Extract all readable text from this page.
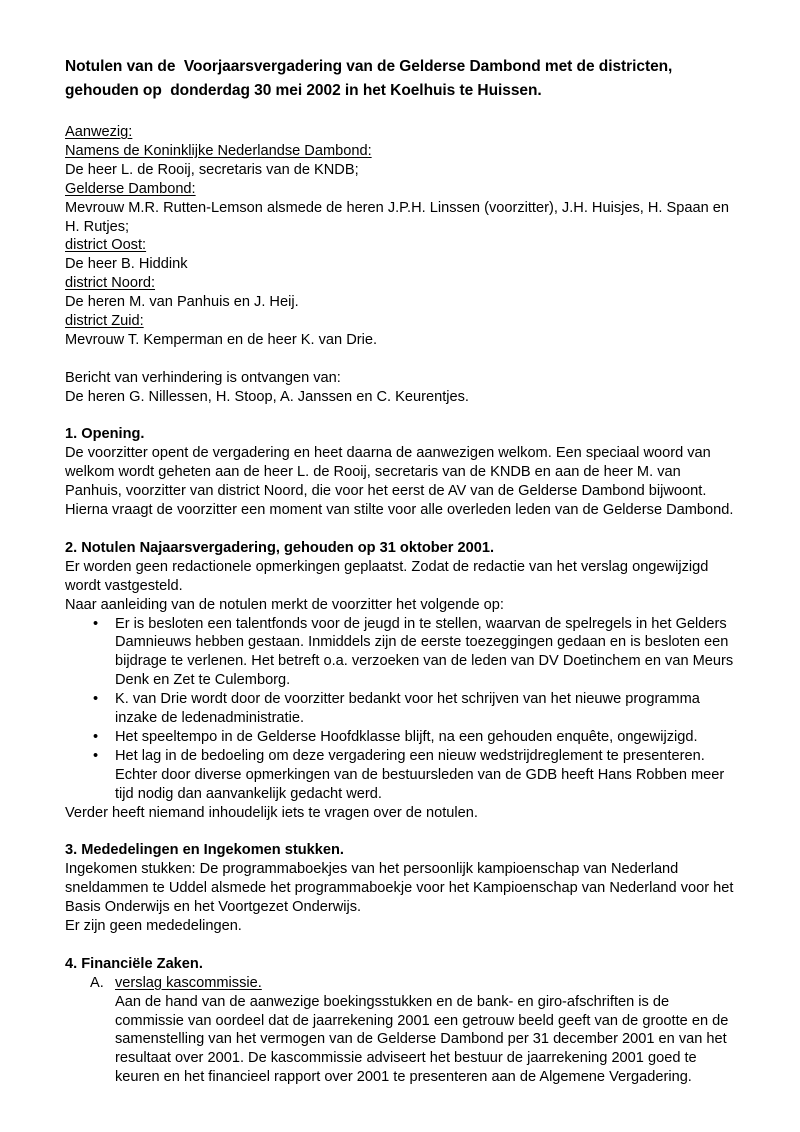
Notulen van de  Voorjaarsvergadering van de Gelderse Dambond met de districten, gehouden op  donderdag 30 mei 2002 in het Koelhuis te Huissen.

Aanwezig:

Namens de Koninklijke Nederlandse Dambond:

De heer L. de Rooij, secretaris van de KNDB;

Gelderse Dambond:

Mevrouw M.R. Rutten-Lemson alsmede de heren J.P.H. Linssen (voorzitter), J.H. Huisjes, H. Spaan en H. Rutjes;

district Oost:

De heer B. Hiddink

district Noord:

De heren M. van Panhuis en J. Heij.

district Zuid:

Mevrouw T. Kemperman en de heer K. van Drie.

Bericht van verhindering is ontvangen van:

De heren G. Nillessen, H. Stoop, A. Janssen en C. Keurentjes.

1. Opening.

De voorzitter opent de vergadering en heet daarna de aanwezigen welkom. Een speciaal woord van welkom wordt geheten aan de heer L. de Rooij, secretaris van de KNDB en aan de heer M. van Panhuis, voorzitter van district Noord, die voor het eerst de AV van de Gelderse Dambond bijwoont.

Hierna vraagt de voorzitter een moment van stilte voor alle overleden leden van de Gelderse Dambond.

2. Notulen Najaarsvergadering, gehouden op 31 oktober 2001.

Er worden geen redactionele opmerkingen geplaatst. Zodat de redactie van het verslag ongewijzigd wordt vastgesteld.

Naar aanleiding van de notulen merkt de voorzitter het volgende op:

• Er is besloten een talentfonds voor de jeugd in te stellen, waarvan de spelregels in het Gelders Damnieuws hebben gestaan. Inmiddels zijn de eerste toezeggingen gedaan en is besloten een bijdrage te verlenen. Het betreft o.a. verzoeken van de leden van DV Doetinchem en van Meurs Denk en Zet te Culemborg.
• K. van Drie wordt door de voorzitter bedankt voor het schrijven van het nieuwe programma inzake de ledenadministratie.
• Het speeltempo in de Gelderse Hoofdklasse blijft, na een gehouden enquête, ongewijzigd.
• Het lag in de bedoeling om deze vergadering een nieuw wedstrijdreglement te presenteren. Echter door diverse opmerkingen van de bestuursleden van de GDB heeft Hans Robben meer tijd nodig dan aanvankelijk gedacht werd.

Verder heeft niemand inhoudelijk iets te vragen over de notulen.

3. Mededelingen en Ingekomen stukken.

Ingekomen stukken: De programmaboekjes van het persoonlijk kampioenschap van Nederland sneldammen te Uddel alsmede het programmaboekje voor het Kampioenschap van Nederland voor het Basis Onderwijs en het Voortgezet Onderwijs.

Er zijn geen mededelingen.

4. Financiële Zaken.

A. verslag kascommissie.
Aan de hand van de aanwezige boekingsstukken en de bank- en giro-afschriften is de commissie van oordeel dat de jaarrekening 2001 een getrouw beeld geeft van de grootte en de samenstelling van het vermogen van de Gelderse Dambond per 31 december 2001 en van het resultaat over 2001. De kascommissie adviseert het bestuur de jaarrekening 2001 goed te keuren en het financieel rapport over 2001 te presenteren aan de Algemene Vergadering.
